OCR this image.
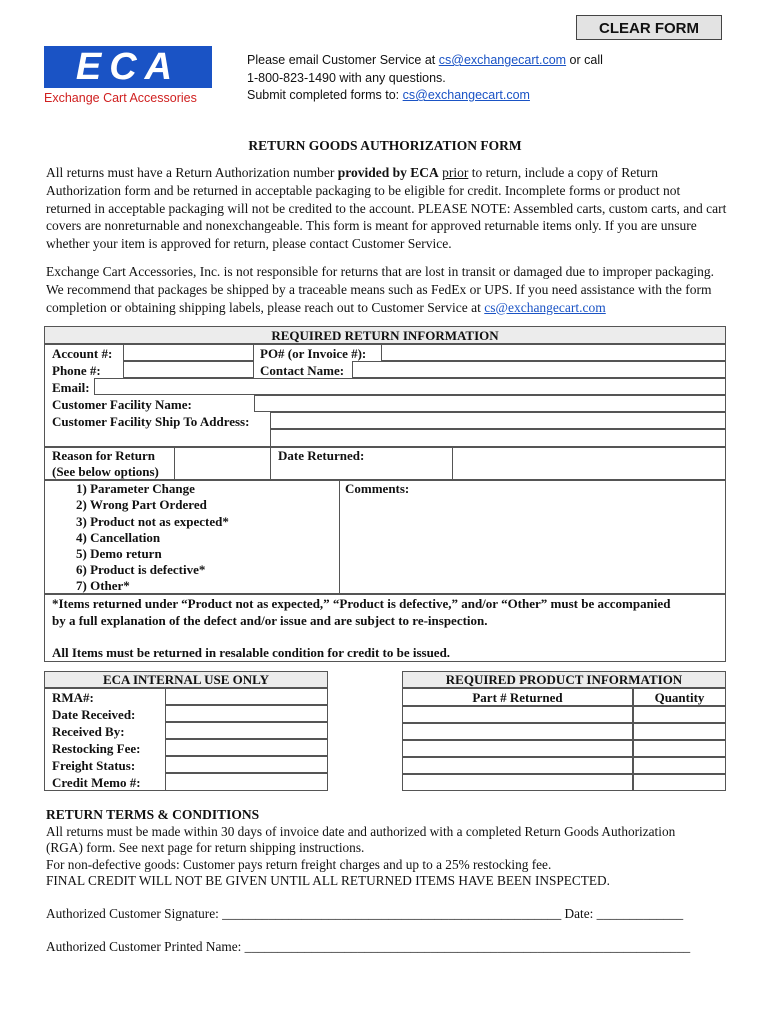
CLEAR FORM
ECA
Exchange Cart Accessories
Please email Customer Service at cs@exchangecart.com or call
1-800-823-1490 with any questions.
Submit completed forms to: cs@exchangecart.com
RETURN GOODS AUTHORIZATION FORM
All returns must have a Return Authorization number provided by ECA prior to return, include a copy of Return Authorization form and be returned in acceptable packaging to be eligible for credit. Incomplete forms or product not returned in acceptable packaging will not be credited to the account. PLEASE NOTE: Assembled carts, custom carts, and cart covers are nonreturnable and nonexchangeable. This form is meant for approved returnable items only. If you are unsure whether your item is approved for return, please contact Customer Service.
Exchange Cart Accessories, Inc. is not responsible for returns that are lost in transit or damaged due to improper packaging. We recommend that packages be shipped by a traceable means such as FedEx or UPS. If you need assistance with the form completion or obtaining shipping labels, please reach out to Customer Service at cs@exchangecart.com
REQUIRED RETURN INFORMATION
Account #:	PO# (or Invoice #):
Phone #:	Contact Name:
Email:
Customer Facility Name:
Customer Facility Ship To Address:
Reason for Return
(See below options)
Date Returned:
Comments:
1) Parameter Change
2) Wrong Part Ordered
3) Product not as expected*
4) Cancellation
5) Demo return
6) Product is defective*
7) Other*
*Items returned under “Product not as expected,” “Product is defective,” and/or “Other” must be accompanied
by a full explanation of the defect and/or issue and are subject to re-inspection.
All Items must be returned in resalable condition for credit to be issued.
ECA INTERNAL USE ONLY
RMA#:
Date Received:
Received By:
Restocking Fee:
Freight Status:
Credit Memo #:
REQUIRED PRODUCT INFORMATION
Part # Returned	Quantity
RETURN TERMS & CONDITIONS
All returns must be made within 30 days of invoice date and authorized with a completed Return Goods Authorization
(RGA) form. See next page for return shipping instructions.
For non-defective goods: Customer pays return freight charges and up to a 25% restocking fee.
FINAL CREDIT WILL NOT BE GIVEN UNTIL ALL RETURNED ITEMS HAVE BEEN INSPECTED.
Authorized Customer Signature: ___________________________________________________ Date: _____________
Authorized Customer Printed Name: ___________________________________________________________________
